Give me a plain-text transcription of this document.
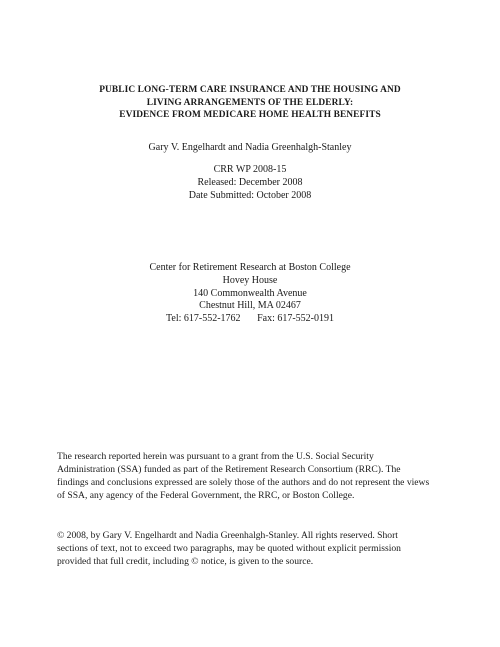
PUBLIC LONG-TERM CARE INSURANCE AND THE HOUSING AND
LIVING ARRANGEMENTS OF THE ELDERLY:
EVIDENCE FROM MEDICARE HOME HEALTH BENEFITS
Gary V. Engelhardt and Nadia Greenhalgh-Stanley
CRR WP 2008-15
Released: December 2008
Date Submitted: October 2008
Center for Retirement Research at Boston College
Hovey House
140 Commonwealth Avenue
Chestnut Hill, MA 02467
Tel: 617-552-1762 Fax: 617-552-0191
The research reported herein was pursuant to a grant from the U.S. Social Security
Administration (SSA) funded as part of the Retirement Research Consortium (RRC). The
findings and conclusions expressed are solely those of the authors and do not represent the views
of SSA, any agency of the Federal Government, the RRC, or Boston College.
© 2008, by Gary V. Engelhardt and Nadia Greenhalgh-Stanley. All rights reserved. Short
sections of text, not to exceed two paragraphs, may be quoted without explicit permission
provided that full credit, including © notice, is given to the source.
